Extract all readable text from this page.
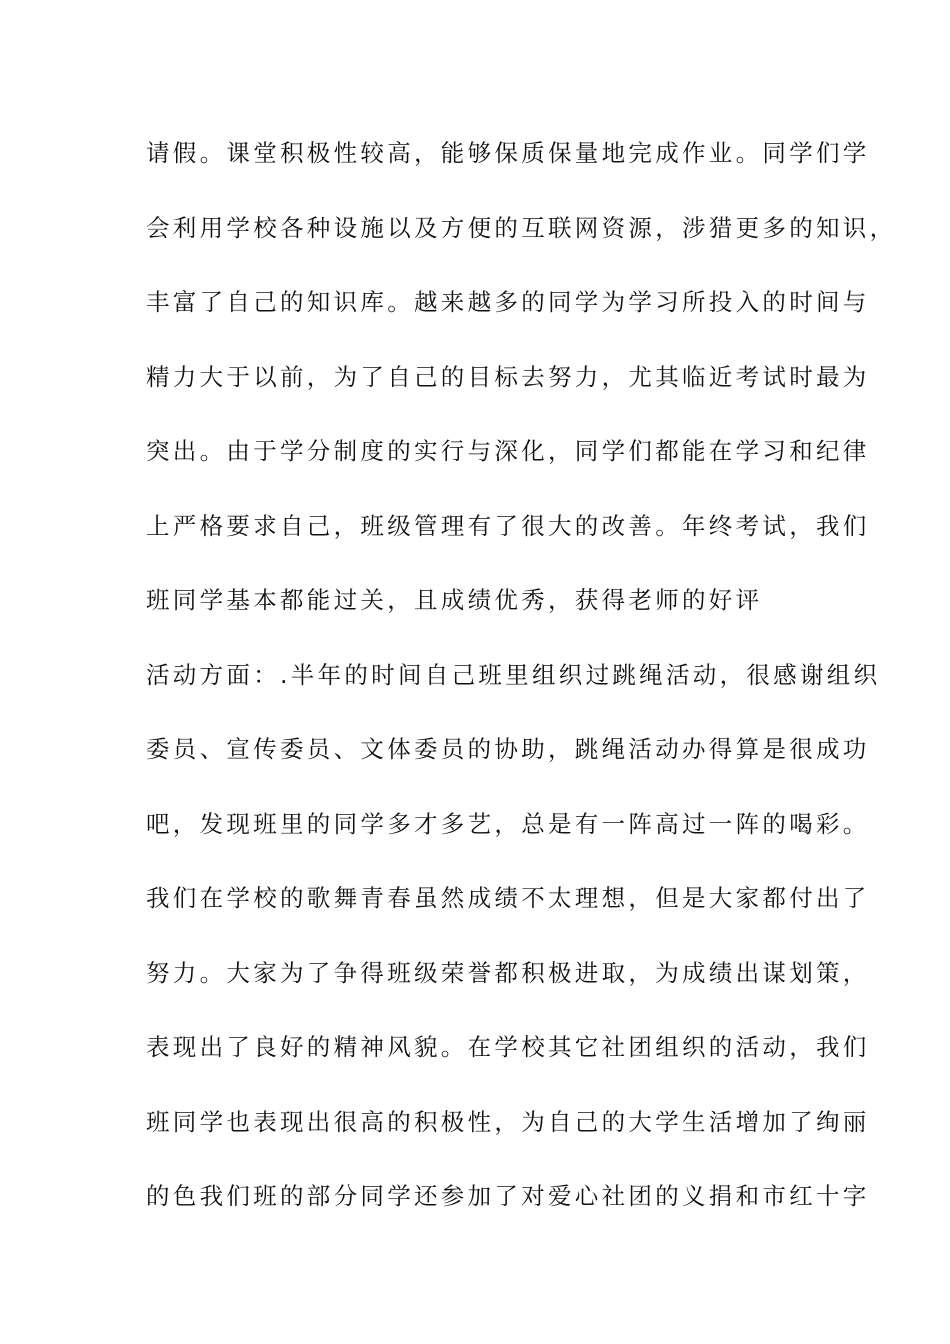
请假。课堂积极性较高，能够保质保量地完成作业。同学们学
会利用学校各种设施以及方便的互联网资源，涉猎更多的知识，
丰富了自己的知识库。越来越多的同学为学习所投入的时间与
精力大于以前，为了自己的目标去努力，尤其临近考试时最为
突出。由于学分制度的实行与深化，同学们都能在学习和纪律
上严格要求自己，班级管理有了很大的改善。年终考试，我们
班同学基本都能过关，且成绩优秀，获得老师的好评
活动方面：.半年的时间自己班里组织过跳绳活动，很感谢组织
委员、宣传委员、文体委员的协助，跳绳活动办得算是很成功
吧，发现班里的同学多才多艺，总是有一阵高过一阵的喝彩。
我们在学校的歌舞青春虽然成绩不太理想，但是大家都付出了
努力。大家为了争得班级荣誉都积极进取，为成绩出谋划策，
表现出了良好的精神风貌。在学校其它社团组织的活动，我们
班同学也表现出很高的积极性，为自己的大学生活增加了绚丽
的色我们班的部分同学还参加了对爱心社团的义捐和市红十字
